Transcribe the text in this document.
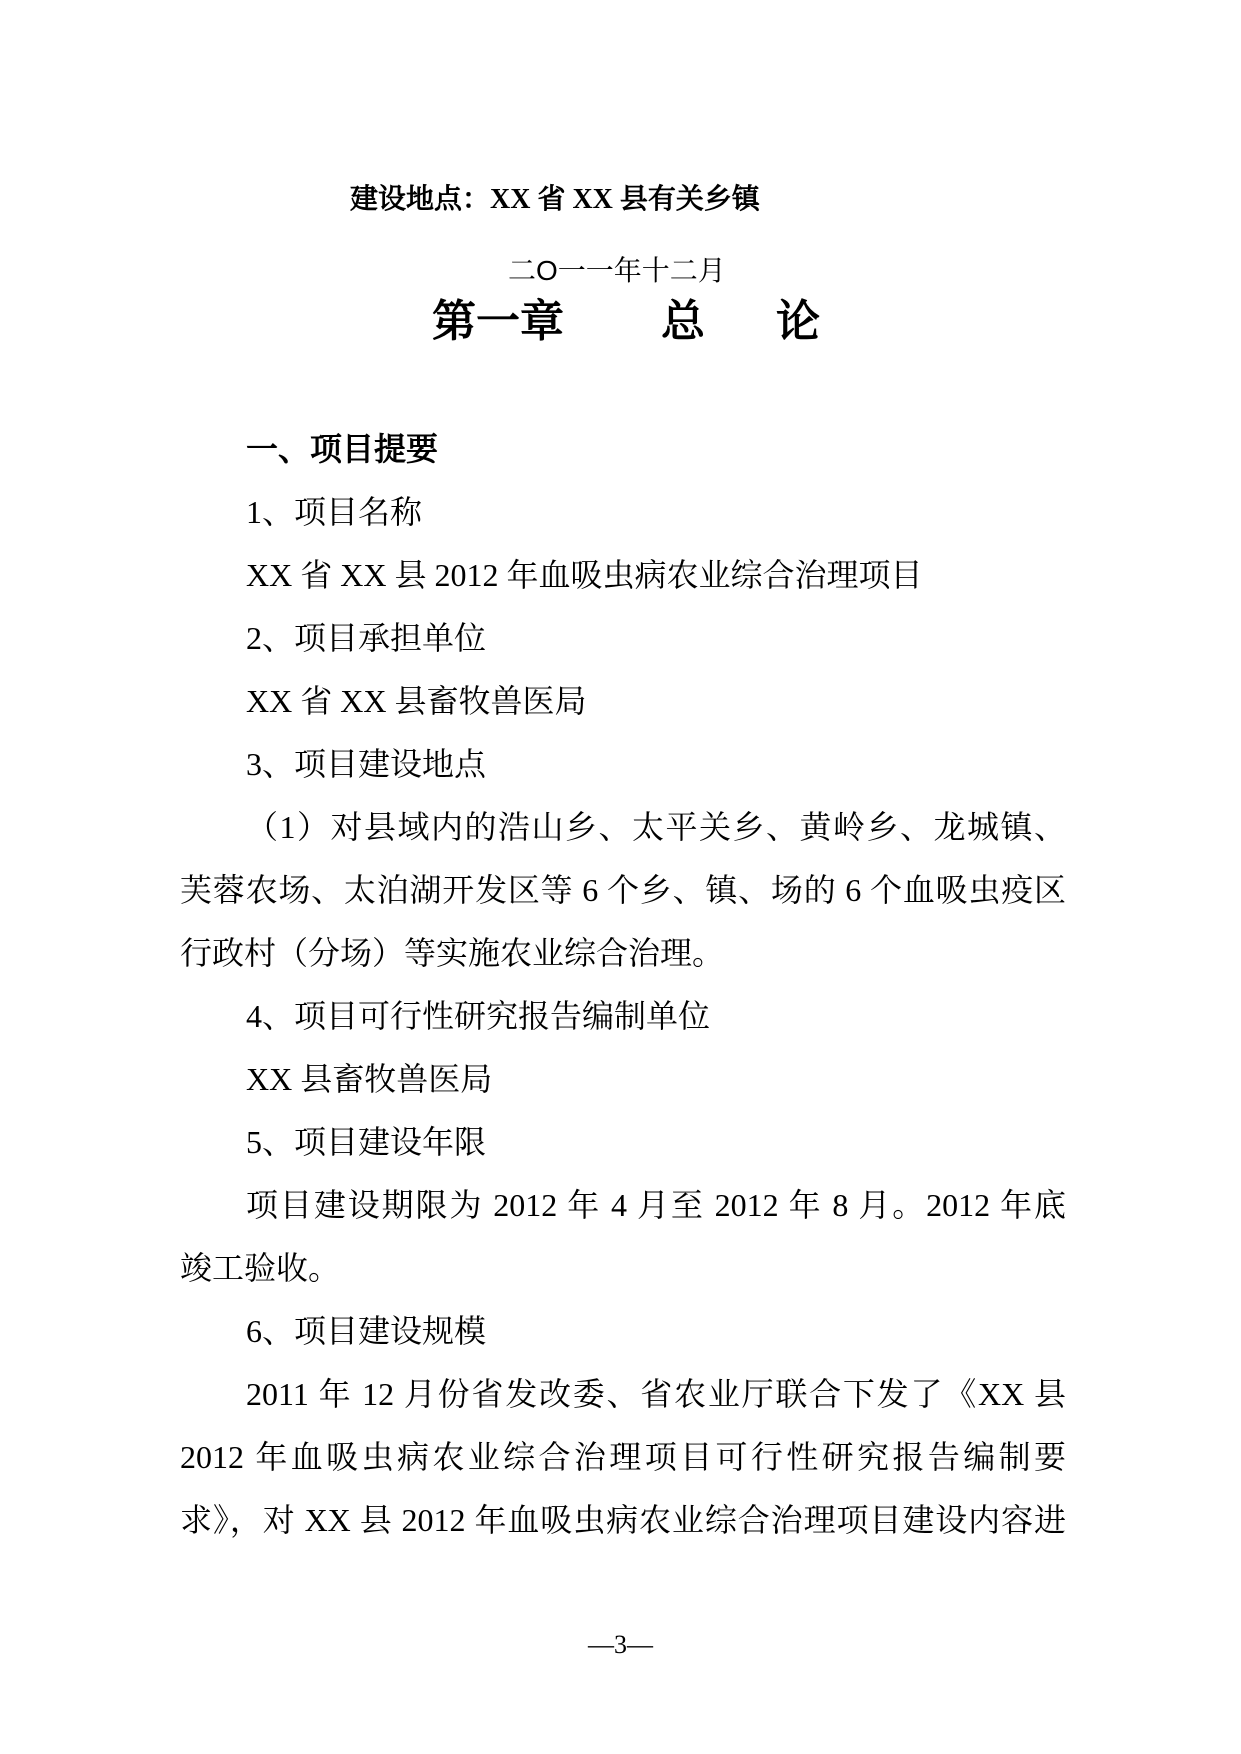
建设地点：XX 省 XX 县有关乡镇
二O一一年十二月
第一章 总 论
一、项目提要
1、项目名称
XX 省 XX 县 2012 年血吸虫病农业综合治理项目
2、项目承担单位
XX 省 XX 县畜牧兽医局
3、项目建设地点
（1）对县域内的浩山乡、太平关乡、黄岭乡、龙城镇、
芙蓉农场、太泊湖开发区等 6 个乡、镇、场的 6 个血吸虫疫区
行政村（分场）等实施农业综合治理。
4、项目可行性研究报告编制单位
XX 县畜牧兽医局
5、项目建设年限
项目建设期限为 2012 年 4 月至 2012 年 8 月。2012 年底
竣工验收。
6、项目建设规模
2011 年 12 月份省发改委、省农业厅联合下发了《XX 县
2012 年血吸虫病农业综合治理项目可行性研究报告编制要
求》，对 XX 县 2012 年血吸虫病农业综合治理项目建设内容进
—3—
